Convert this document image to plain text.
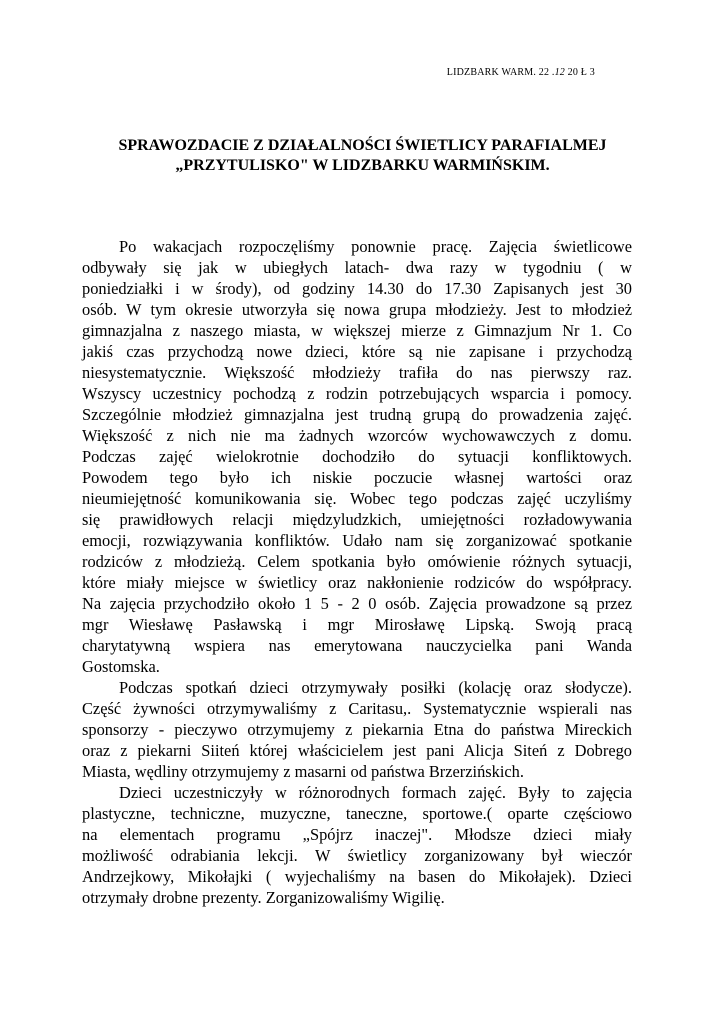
LIDZBARK WARM. 22 .12 20 Ł 3
SPRAWOZDACIE Z DZIAŁALNOŚCI ŚWIETLICY PARAFIALMEJ
„PRZYTULISKO" W LIDZBARKU WARMIŃSKIM.
Po wakacjach rozpoczęliśmy ponownie pracę. Zajęcia świetlicowe
odbywały się jak w ubiegłych latach- dwa razy w tygodniu ( w
poniedziałki i w środy), od godziny 14.30 do 17.30 Zapisanych jest 30
osób. W tym okresie utworzyła się nowa grupa młodzieży. Jest to młodzież
gimnazjalna z naszego miasta, w większej mierze z Gimnazjum Nr 1. Co
jakiś czas przychodzą nowe dzieci, które są nie zapisane i przychodzą
niesystematycznie. Większość młodzieży trafiła do nas pierwszy raz.
Wszyscy uczestnicy pochodzą z rodzin potrzebujących wsparcia i pomocy.
Szczególnie młodzież gimnazjalna jest trudną grupą do prowadzenia zajęć.
Większość z nich nie ma żadnych wzorców wychowawczych z domu.
Podczas zajęć wielokrotnie dochodziło do sytuacji konfliktowych.
Powodem tego było ich niskie poczucie własnej wartości oraz
nieumiejętność komunikowania się. Wobec tego podczas zajęć uczyliśmy
się prawidłowych relacji międzyludzkich, umiejętności rozładowywania
emocji, rozwiązywania konfliktów. Udało nam się zorganizować spotkanie
rodziców z młodzieżą. Celem spotkania było omówienie różnych sytuacji,
które miały miejsce w świetlicy oraz nakłonienie rodziców do współpracy.
Na zajęcia przychodziło około 1 5 - 2 0 osób. Zajęcia prowadzone są przez
mgr Wiesławę Pasławską i mgr Mirosławę Lipską. Swoją pracą
charytatywną wspiera nas emerytowana nauczycielka pani Wanda
Gostomska.
Podczas spotkań dzieci otrzymywały posiłki (kolację oraz słodycze).
Część żywności otrzymywaliśmy z Caritasu,. Systematycznie wspierali nas
sponsorzy - pieczywo otrzymujemy z piekarnia Etna do państwa Mireckich
oraz z piekarni Siiteń której właścicielem jest pani Alicja Siteń z Dobrego
Miasta, wędliny otrzymujemy z masarni od państwa Brzerzińskich.
Dzieci uczestniczyły w różnorodnych formach zajęć. Były to zajęcia
plastyczne, techniczne, muzyczne, taneczne, sportowe.( oparte częściowo
na elementach programu „Spójrz inaczej". Młodsze dzieci miały
możliwość odrabiania lekcji. W świetlicy zorganizowany był wieczór
Andrzejkowy, Mikołajki ( wyjechaliśmy na basen do Mikołajek). Dzieci
otrzymały drobne prezenty. Zorganizowaliśmy Wigilię.
